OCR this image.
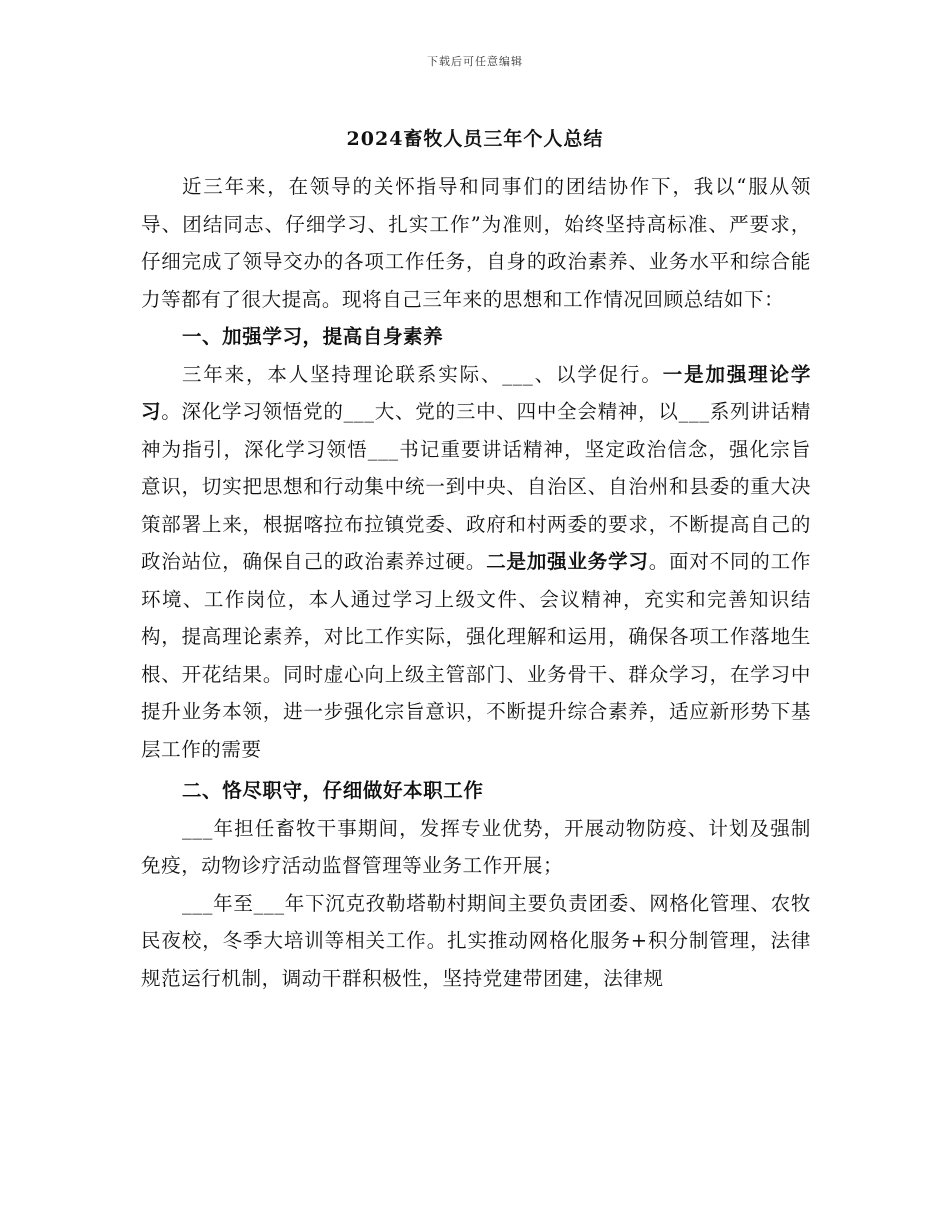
下载后可任意编辑
2024畜牧人员三年个人总结

近三年来，在领导的关怀指导和同事们的团结协作下，我以“服从领导、团结同志、仔细学习、扎实工作”为准则，始终坚持高标准、严要求，仔细完成了领导交办的各项工作任务，自身的政治素养、业务水平和综合能力等都有了很大提高。现将自己三年来的思想和工作情况回顾总结如下：

一、加强学习，提高自身素养

三年来，本人坚持理论联系实际、___、以学促行。一是加强理论学习。深化学习领悟党的___大、党的三中、四中全会精神，以___系列讲话精神为指引，深化学习领悟___书记重要讲话精神，坚定政治信念，强化宗旨意识，切实把思想和行动集中统一到中央、自治区、自治州和县委的重大决策部署上来，根据喀拉布拉镇党委、政府和村两委的要求，不断提高自己的政治站位，确保自己的政治素养过硬。二是加强业务学习。面对不同的工作环境、工作岗位，本人通过学习上级文件、会议精神，充实和完善知识结构，提高理论素养，对比工作实际，强化理解和运用，确保各项工作落地生根、开花结果。同时虚心向上级主管部门、业务骨干、群众学习，在学习中提升业务本领，进一步强化宗旨意识，不断提升综合素养，适应新形势下基层工作的需要

二、恪尽职守，仔细做好本职工作

___年担任畜牧干事期间，发挥专业优势，开展动物防疫、计划及强制免疫，动物诊疗活动监督管理等业务工作开展；

___年至___年下沉克孜勒塔勒村期间主要负责团委、网格化管理、农牧民夜校，冬季大培训等相关工作。扎实推动网格化服务+积分制管理，法律规范运行机制，调动干群积极性，坚持党建带团建，法律规
